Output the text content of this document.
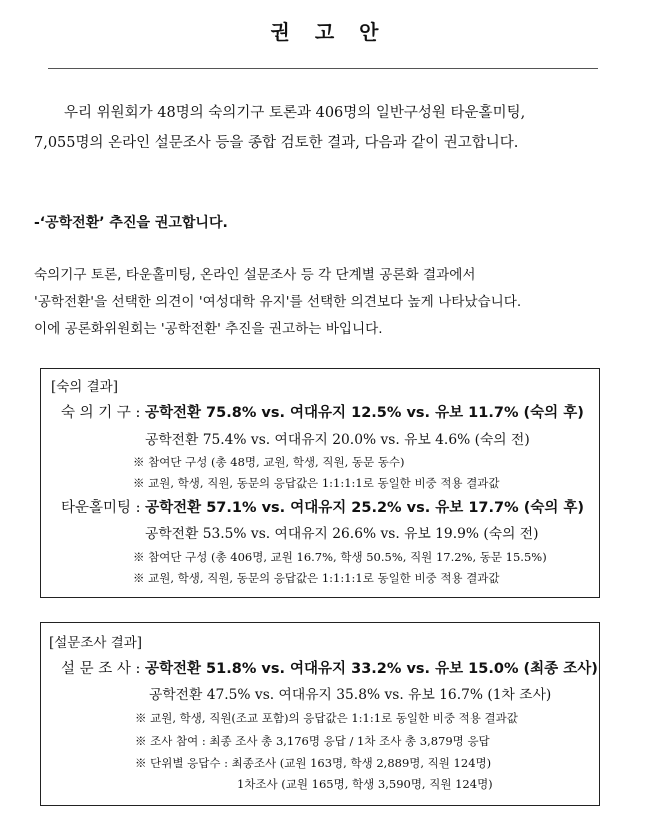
권 고 안
우리 위원회가 48명의 숙의기구 토론과 406명의 일반구성원 타운홀미팅,
7,055명의 온라인 설문조사 등을 종합 검토한 결과, 다음과 같이 권고합니다.
-‘공학전환’ 추진을 권고합니다.
숙의기구 토론, 타운홀미팅, 온라인 설문조사 등 각 단계별 공론화 결과에서
'공학전환'을 선택한 의견이 '여성대학 유지'를 선택한 의견보다 높게 나타났습니다.
이에 공론화위원회는 '공학전환' 추진을 권고하는 바입니다.
[숙의 결과]
숙 의 기 구 : 공학전환 75.8% vs. 여대유지 12.5% vs. 유보 11.7% (숙의 후)
공학전환 75.4% vs. 여대유지 20.0% vs. 유보 4.6% (숙의 전)
※ 참여단 구성 (총 48명, 교원, 학생, 직원, 동문 동수)
※ 교원, 학생, 직원, 동문의 응답값은 1:1:1:1로 동일한 비중 적용 결과값
타운홀미팅 : 공학전환 57.1% vs. 여대유지 25.2% vs. 유보 17.7% (숙의 후)
공학전환 53.5% vs. 여대유지 26.6% vs. 유보 19.9% (숙의 전)
※ 참여단 구성 (총 406명, 교원 16.7%, 학생 50.5%, 직원 17.2%, 동문 15.5%)
※ 교원, 학생, 직원, 동문의 응답값은 1:1:1:1로 동일한 비중 적용 결과값
[설문조사 결과]
설 문 조 사 : 공학전환 51.8% vs. 여대유지 33.2% vs. 유보 15.0% (최종 조사)
공학전환 47.5% vs. 여대유지 35.8% vs. 유보 16.7% (1차 조사)
※ 교원, 학생, 직원(조교 포함)의 응답값은 1:1:1로 동일한 비중 적용 결과값
※ 조사 참여 : 최종 조사 총 3,176명 응답 / 1차 조사 총 3,879명 응답
※ 단위별 응답수 : 최종조사 (교원 163명, 학생 2,889명, 직원 124명)
1차조사 (교원 165명, 학생 3,590명, 직원 124명)
